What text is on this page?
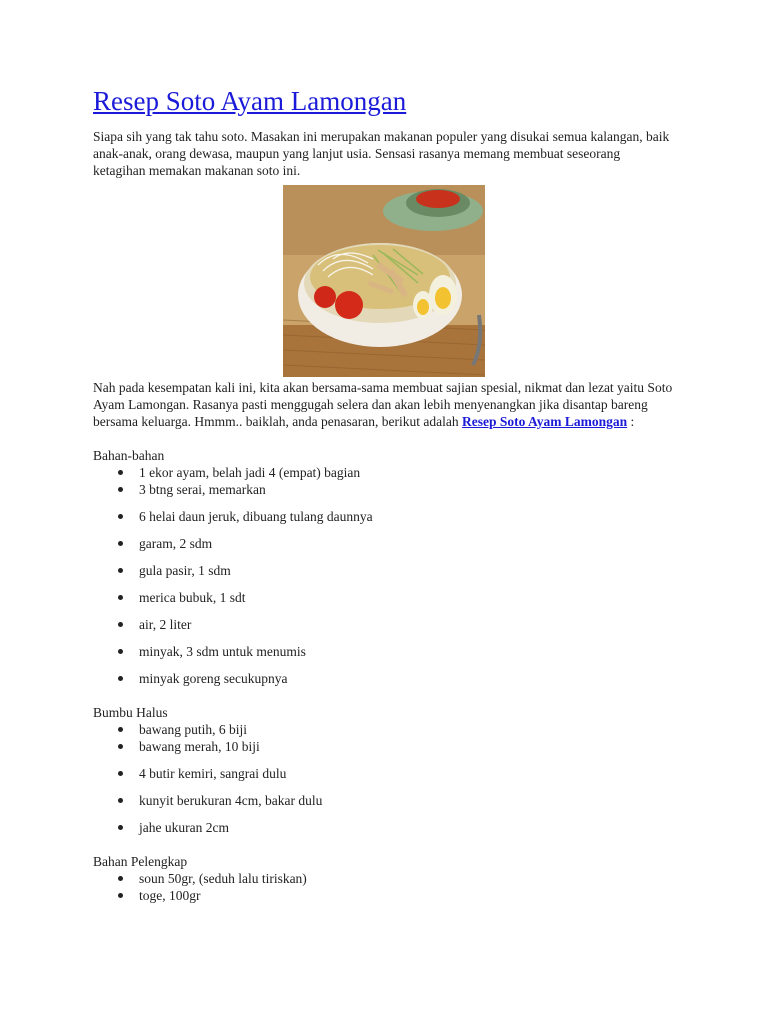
Resep Soto Ayam Lamongan

Siapa sih yang tak tahu soto. Masakan ini merupakan makanan populer yang disukai semua kalangan, baik anak-anak, orang dewasa, maupun yang lanjut usia. Sensasi rasanya memang membuat seseorang ketagihan memakan makanan soto ini.

Nah pada kesempatan kali ini, kita akan bersama-sama membuat sajian spesial, nikmat dan lezat yaitu Soto Ayam Lamongan. Rasanya pasti menggugah selera dan akan lebih menyenangkan jika disantap bareng bersama keluarga. Hmmm.. baiklah, anda penasaran, berikut adalah Resep Soto Ayam Lamongan :

Bahan-bahan

1 ekor ayam, belah jadi 4 (empat) bagian
3 btng serai, memarkan
6 helai daun jeruk, dibuang tulang daunnya
garam, 2 sdm
gula pasir, 1 sdm
merica bubuk, 1 sdt
air, 2 liter
minyak, 3 sdm untuk menumis
minyak goreng secukupnya

Bumbu Halus

bawang putih, 6 biji
bawang merah, 10 biji
4 butir kemiri, sangrai dulu
kunyit berukuran 4cm, bakar dulu
jahe ukuran 2cm

Bahan Pelengkap

soun 50gr, (seduh lalu tiriskan)
toge, 100gr
